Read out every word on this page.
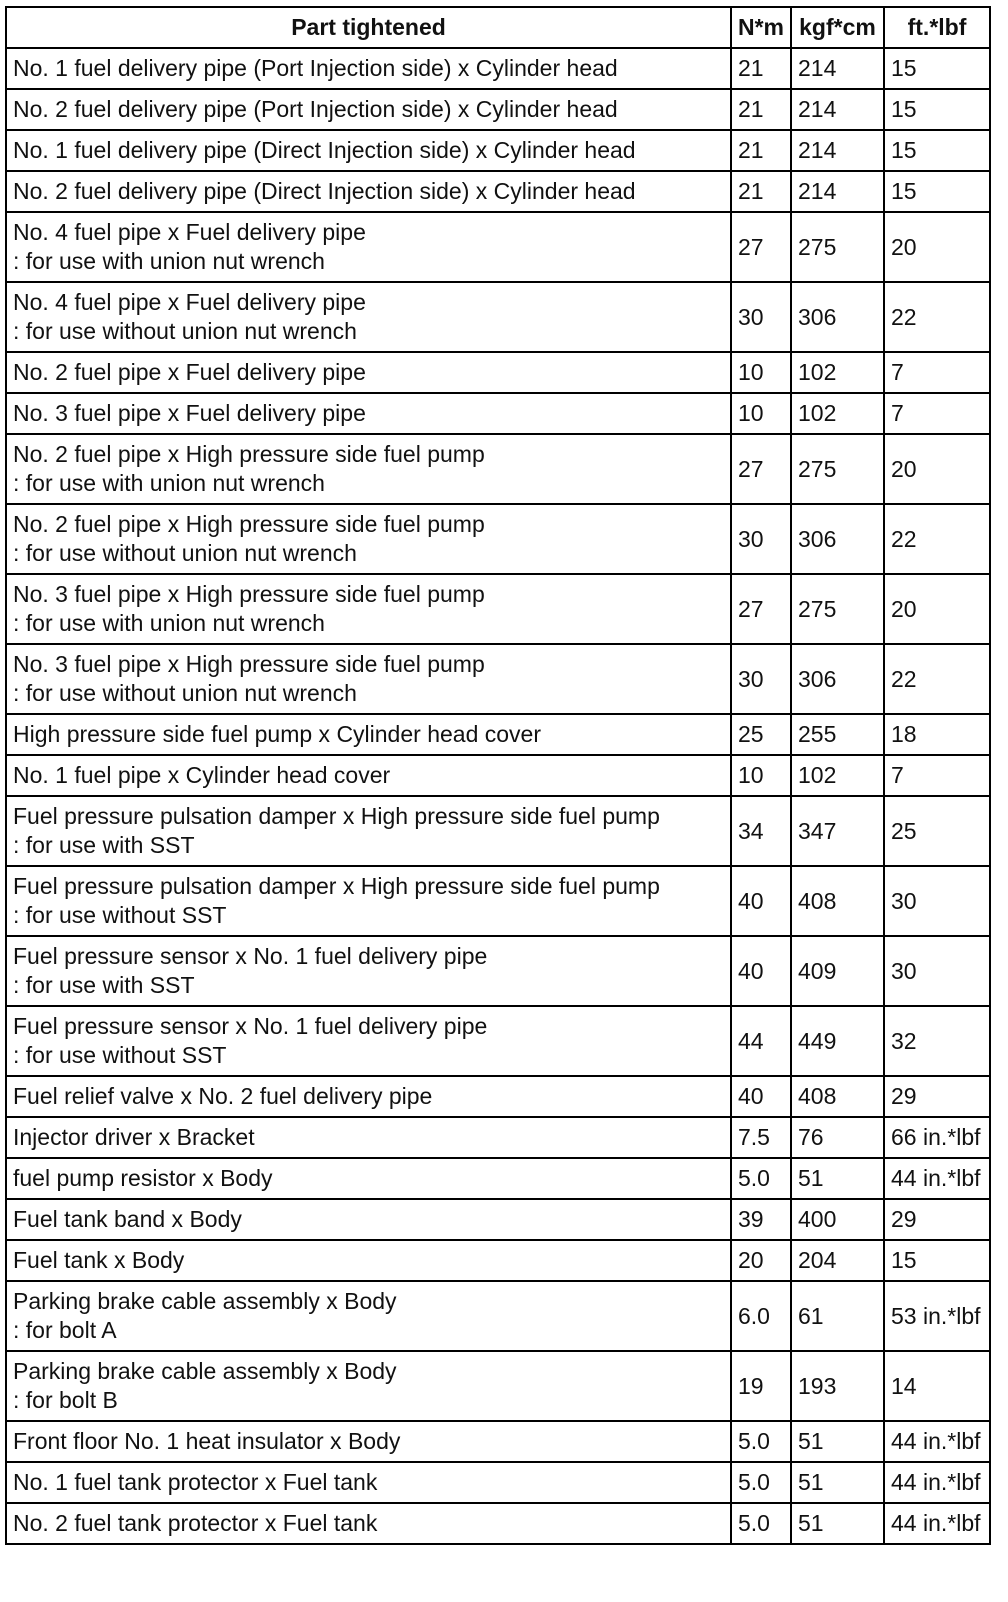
Part tightened	N*m	kgf*cm	ft.*lbf

No. 1 fuel delivery pipe (Port Injection side) x Cylinder head	21	214	15

No. 2 fuel delivery pipe (Port Injection side) x Cylinder head	21	214	15

No. 1 fuel delivery pipe (Direct Injection side) x Cylinder head	21	214	15

No. 2 fuel delivery pipe (Direct Injection side) x Cylinder head	21	214	15

No. 4 fuel pipe x Fuel delivery pipe
: for use with union nut wrench	27	275	20

No. 4 fuel pipe x Fuel delivery pipe
: for use without union nut wrench	30	306	22

No. 2 fuel pipe x Fuel delivery pipe	10	102	7

No. 3 fuel pipe x Fuel delivery pipe	10	102	7

No. 2 fuel pipe x High pressure side fuel pump
: for use with union nut wrench	27	275	20

No. 2 fuel pipe x High pressure side fuel pump
: for use without union nut wrench	30	306	22

No. 3 fuel pipe x High pressure side fuel pump
: for use with union nut wrench	27	275	20

No. 3 fuel pipe x High pressure side fuel pump
: for use without union nut wrench	30	306	22

High pressure side fuel pump x Cylinder head cover	25	255	18

No. 1 fuel pipe x Cylinder head cover	10	102	7

Fuel pressure pulsation damper x High pressure side fuel pump
: for use with SST	34	347	25

Fuel pressure pulsation damper x High pressure side fuel pump
: for use without SST	40	408	30

Fuel pressure sensor x No. 1 fuel delivery pipe
: for use with SST	40	409	30

Fuel pressure sensor x No. 1 fuel delivery pipe
: for use without SST	44	449	32

Fuel relief valve x No. 2 fuel delivery pipe	40	408	29

Injector driver x Bracket	7.5	76	66 in.*lbf

fuel pump resistor x Body	5.0	51	44 in.*lbf

Fuel tank band x Body	39	400	29

Fuel tank x Body	20	204	15

Parking brake cable assembly x Body
: for bolt A	6.0	61	53 in.*lbf

Parking brake cable assembly x Body
: for bolt B	19	193	14

Front floor No. 1 heat insulator x Body	5.0	51	44 in.*lbf

No. 1 fuel tank protector x Fuel tank	5.0	51	44 in.*lbf

No. 2 fuel tank protector x Fuel tank	5.0	51	44 in.*lbf
